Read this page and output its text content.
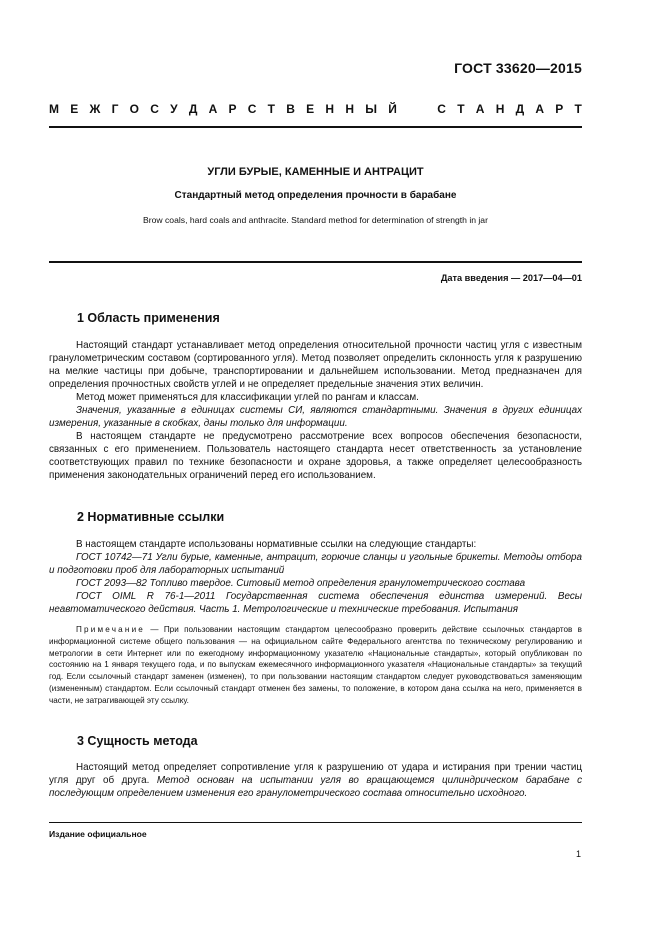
ГОСТ 33620—2015
М Е Ж Г О С У Д А Р С Т В Е Н Н Ы Й	С Т А Н Д А Р Т
УГЛИ БУРЫЕ, КАМЕННЫЕ И АНТРАЦИТ
Стандартный метод определения прочности в барабане
Brow coals, hard coals and anthracite. Standard method for determination of strength in jar
Дата введения — 2017—04—01
1 Область применения

Настоящий стандарт устанавливает метод определения относительной прочности частиц угля с известным гранулометрическим составом (сортированного угля). Метод позволяет определить склонность угля к разрушению на мелкие частицы при добыче, транспортировании и дальнейшем использовании. Метод предназначен для определения прочностных свойств углей и не определяет предельные значения этих величин.

Метод может применяться для классификации углей по рангам и классам.

Значения, указанные в единицах системы СИ, являются стандартными. Значения в других единицах измерения, указанные в скобках, даны только для информации.

В настоящем стандарте не предусмотрено рассмотрение всех вопросов обеспечения безопасности, связанных с его применением. Пользователь настоящего стандарта несет ответственность за установление соответствующих правил по технике безопасности и охране здоровья, а также определяет целесообразность применения законодательных ограничений перед его использованием.

2 Нормативные ссылки

В настоящем стандарте использованы нормативные ссылки на следующие стандарты:

ГОСТ 10742—71 Угли бурые, каменные, антрацит, горючие сланцы и угольные брикеты. Методы отбора и подготовки проб для лабораторных испытаний

ГОСТ 2093—82 Топливо твердое. Ситовый метод определения гранулометрического состава

ГОСТ OIML R 76-1—2011 Государственная система обеспечения единства измерений. Весы неавтоматического действия. Часть 1. Метрологические и технические требования. Испытания

Примечание — При пользовании настоящим стандартом целесообразно проверить действие ссылочных стандартов в информационной системе общего пользования — на официальном сайте Федерального агентства по техническому регулированию и метрологии в сети Интернет или по ежегодному информационному указателю «Национальные стандарты», который опубликован по состоянию на 1 января текущего года, и по выпускам ежемесячного информационного указателя «Национальные стандарты» за текущий год. Если ссылочный стандарт заменен (изменен), то при пользовании настоящим стандартом следует руководствоваться заменяющим (измененным) стандартом. Если ссылочный стандарт отменен без замены, то положение, в котором дана ссылка на него, применяется в части, не затрагивающей эту ссылку.

3 Сущность метода

Настоящий метод определяет сопротивление угля к разрушению от удара и истирания при трении частиц угля друг об друга. Метод основан на испытании угля во вращающемся цилиндрическом барабане с последующим определением изменения его гранулометрического состава относительно исходного.

Издание официальное
1
